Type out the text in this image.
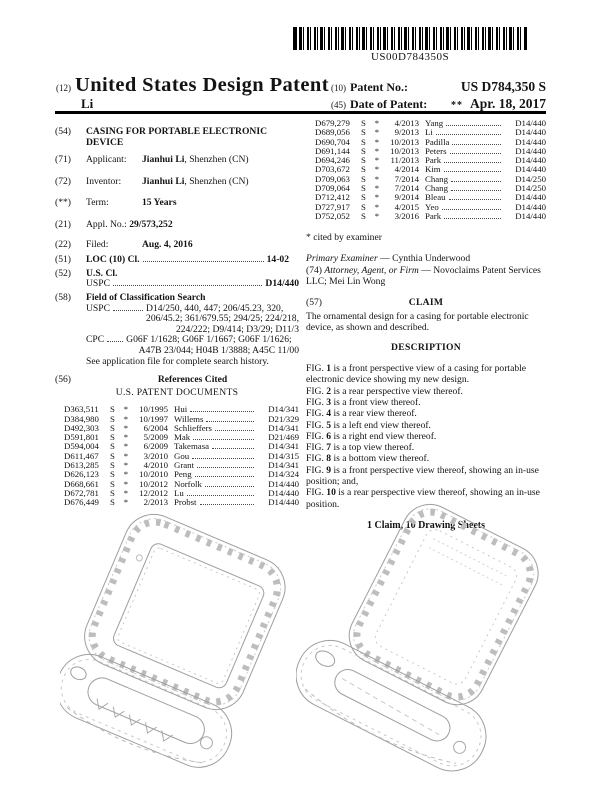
US00D784350S
(12) United States Design Patent
Li
(10) Patent No.:	US D784,350 S
(45) Date of Patent: ** Apr. 18, 2017
(54)	CASING FOR PORTABLE ELECTRONIC DEVICE
(71)	Applicant: Jianhui Li, Shenzhen (CN)
(72)	Inventor: Jianhui Li, Shenzhen (CN)
(**)	Term:	15 Years
(21)	Appl. No.: 29/573,252
(22)	Filed:	Aug. 4, 2016
(51)	LOC (10) Cl.	14-02
(52)	U.S. Cl.
USPC	D14/440
(58)	Field of Classification Search
USPC	D14/250, 440, 447; 206/45.23, 320,
206/45.2; 361/679.55; 294/25; 224/218,
224/222; D9/414; D3/29; D11/3
CPC G06F 1/1628; G06F 1/1667; G06F 1/1626;
A47B 23/044; H04B 1/3888; A45C 11/00
See application file for complete search history.
(56)	References Cited
U.S. PATENT DOCUMENTS
D363,511	S	*	10/1995 Hui	D14/341
D384,980	S	*	10/1997 Willems	D21/329
D492,303	S	*	6/2004 Schlieffers	D14/341
D591,801	S	*	5/2009 Mak	D21/469
D594,004	S	*	6/2009 Takemasa	D14/341
D611,467	S	*	3/2010 Gou	D14/315
D613,285	S	*	4/2010 Grant	D14/341
D626,123	S	*	10/2010 Peng	D14/324
D668,661	S	*	10/2012 Norfolk	D14/440
D672,781	S	*	12/2012 Lu	D14/440
D676,449	S	*	2/2013 Probst	D14/440
D679,279	S	*	4/2013 Yang	D14/440
D689,056	S	*	9/2013 Li	D14/440
D690,704	S	*	10/2013 Padilla	D14/440
D691,144	S	*	10/2013 Peters	D14/440
D694,246	S	*	11/2013 Park	D14/440
D703,672	S	*	4/2014 Kim	D14/440
D709,063	S	*	7/2014 Chang	D14/250
D709,064	S	*	7/2014 Chang	D14/250
D712,412	S	*	9/2014 Bleau	D14/440
D727,917	S	*	4/2015 Yeo	D14/440
D752,052	S	*	3/2016 Park	D14/440
* cited by examiner
Primary Examiner — Cynthia Underwood
(74) Attorney, Agent, or Firm — Novoclaims Patent Services LLC; Mei Lin Wong
(57)	CLAIM
The ornamental design for a casing for portable electronic device, as shown and described.
DESCRIPTION
FIG. 1 is a front perspective view of a casing for portable electronic device showing my new design.
FIG. 2 is a rear perspective view thereof.
FIG. 3 is a front view thereof.
FIG. 4 is a rear view thereof.
FIG. 5 is a left end view thereof.
FIG. 6 is a right end view thereof.
FIG. 7 is a top view thereof.
FIG. 8 is a bottom view thereof.
FIG. 9 is a front perspective view thereof, showing an in-use position; and,
FIG. 10 is a rear perspective view thereof, showing an in-use position.
1 Claim, 10 Drawing Sheets
